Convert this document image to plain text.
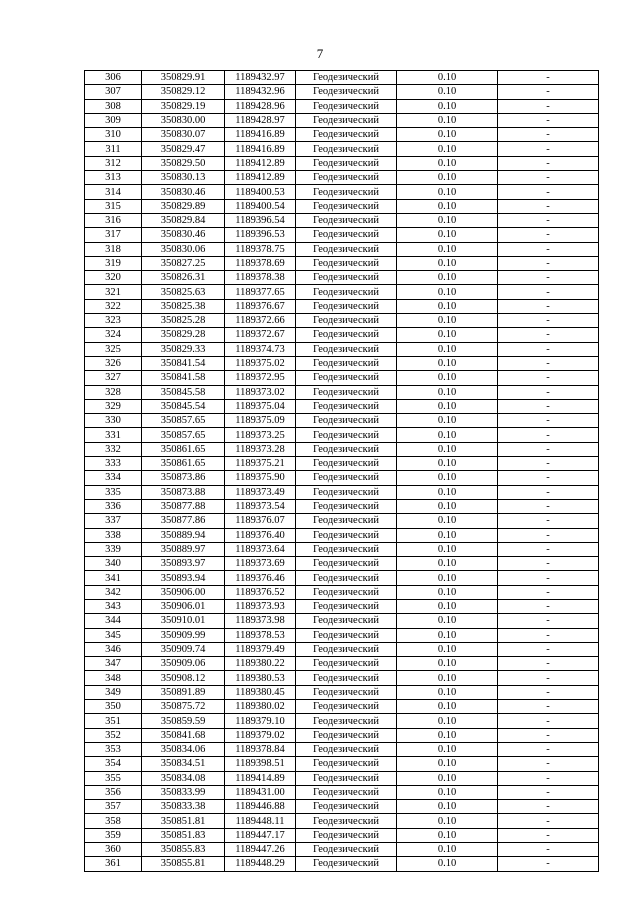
7
306	350829.91	1189432.97	Геодезический	0.10	-
307	350829.12	1189432.96	Геодезический	0.10	-
308	350829.19	1189428.96	Геодезический	0.10	-
309	350830.00	1189428.97	Геодезический	0.10	-
310	350830.07	1189416.89	Геодезический	0.10	-
311	350829.47	1189416.89	Геодезический	0.10	-
312	350829.50	1189412.89	Геодезический	0.10	-
313	350830.13	1189412.89	Геодезический	0.10	-
314	350830.46	1189400.53	Геодезический	0.10	-
315	350829.89	1189400.54	Геодезический	0.10	-
316	350829.84	1189396.54	Геодезический	0.10	-
317	350830.46	1189396.53	Геодезический	0.10	-
318	350830.06	1189378.75	Геодезический	0.10	-
319	350827.25	1189378.69	Геодезический	0.10	-
320	350826.31	1189378.38	Геодезический	0.10	-
321	350825.63	1189377.65	Геодезический	0.10	-
322	350825.38	1189376.67	Геодезический	0.10	-
323	350825.28	1189372.66	Геодезический	0.10	-
324	350829.28	1189372.67	Геодезический	0.10	-
325	350829.33	1189374.73	Геодезический	0.10	-
326	350841.54	1189375.02	Геодезический	0.10	-
327	350841.58	1189372.95	Геодезический	0.10	-
328	350845.58	1189373.02	Геодезический	0.10	-
329	350845.54	1189375.04	Геодезический	0.10	-
330	350857.65	1189375.09	Геодезический	0.10	-
331	350857.65	1189373.25	Геодезический	0.10	-
332	350861.65	1189373.28	Геодезический	0.10	-
333	350861.65	1189375.21	Геодезический	0.10	-
334	350873.86	1189375.90	Геодезический	0.10	-
335	350873.88	1189373.49	Геодезический	0.10	-
336	350877.88	1189373.54	Геодезический	0.10	-
337	350877.86	1189376.07	Геодезический	0.10	-
338	350889.94	1189376.40	Геодезический	0.10	-
339	350889.97	1189373.64	Геодезический	0.10	-
340	350893.97	1189373.69	Геодезический	0.10	-
341	350893.94	1189376.46	Геодезический	0.10	-
342	350906.00	1189376.52	Геодезический	0.10	-
343	350906.01	1189373.93	Геодезический	0.10	-
344	350910.01	1189373.98	Геодезический	0.10	-
345	350909.99	1189378.53	Геодезический	0.10	-
346	350909.74	1189379.49	Геодезический	0.10	-
347	350909.06	1189380.22	Геодезический	0.10	-
348	350908.12	1189380.53	Геодезический	0.10	-
349	350891.89	1189380.45	Геодезический	0.10	-
350	350875.72	1189380.02	Геодезический	0.10	-
351	350859.59	1189379.10	Геодезический	0.10	-
352	350841.68	1189379.02	Геодезический	0.10	-
353	350834.06	1189378.84	Геодезический	0.10	-
354	350834.51	1189398.51	Геодезический	0.10	-
355	350834.08	1189414.89	Геодезический	0.10	-
356	350833.99	1189431.00	Геодезический	0.10	-
357	350833.38	1189446.88	Геодезический	0.10	-
358	350851.81	1189448.11	Геодезический	0.10	-
359	350851.83	1189447.17	Геодезический	0.10	-
360	350855.83	1189447.26	Геодезический	0.10	-
361	350855.81	1189448.29	Геодезический	0.10	-
